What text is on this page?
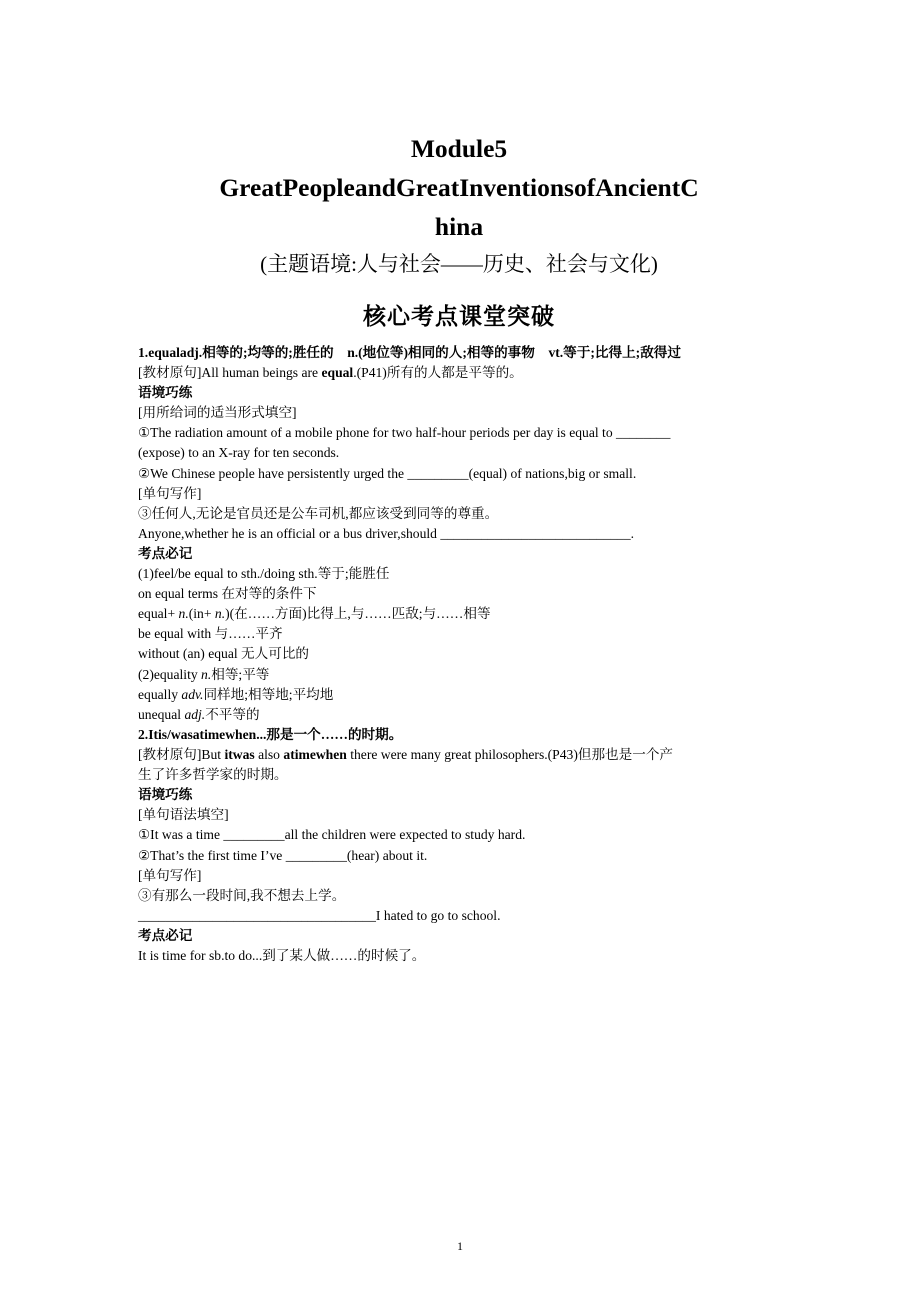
Module5
GreatPeopleandGreatInventionsofAncientC
hina
(主题语境:人与社会——历史、社会与文化)
核心考点课堂突破

1.equaladj.相等的;均等的;胜任的　n.(地位等)相同的人;相等的事物　vt.等于;比得上;敌得过

[教材原句]All human beings are equal.(P41)所有的人都是平等的。

语境巧练

[用所给词的适当形式填空]

①The radiation amount of a mobile phone for two half-hour periods per day is equal to ________

(expose) to an X-ray for ten seconds.

②We Chinese people have persistently urged the _________(equal) of nations,big or small.

[单句写作]

③任何人,无论是官员还是公车司机,都应该受到同等的尊重。

Anyone,whether he is an official or a bus driver,should ____________________________.

考点必记

(1)feel/be equal to sth./doing sth.等于;能胜任

on equal terms 在对等的条件下

equal+ n.(in+ n.)(在……方面)比得上,与……匹敌;与……相等

be equal with 与……平齐

without (an) equal 无人可比的

(2)equality n.相等;平等

equally adv.同样地;相等地;平均地

unequal adj.不平等的

2.Itis/wasatimewhen...那是一个……的时期。

[教材原句]But itwas also atimewhen there were many great philosophers.(P43)但那也是一个产

生了许多哲学家的时期。

语境巧练

[单句语法填空]

①It was a time _________all the children were expected to study hard.

②That’s the first time I’ve _________(hear) about it.

[单句写作]

③有那么一段时间,我不想去上学。

___________________________________I hated to go to school.

考点必记

It is time for sb.to do...到了某人做……的时候了。

1
